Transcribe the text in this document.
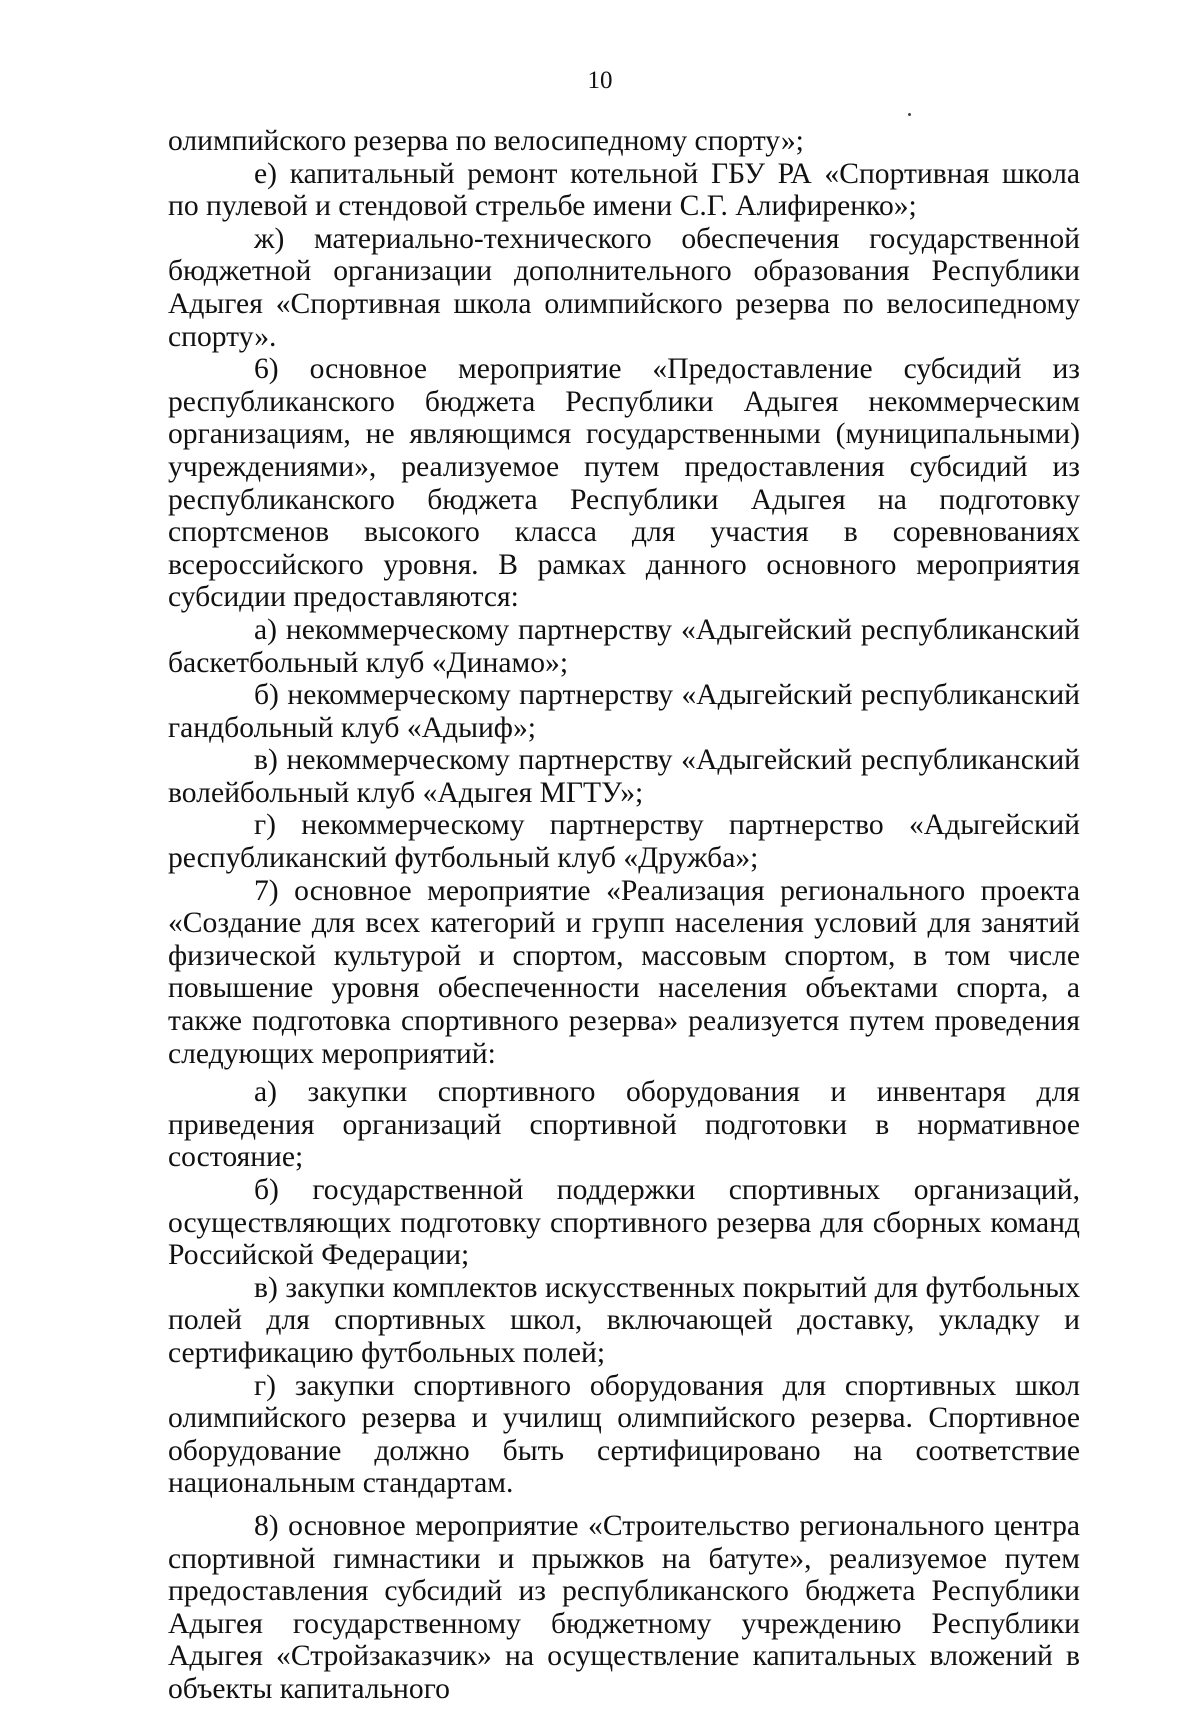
10

олимпийского резерва по велосипедному спорту»;

е) капитальный ремонт котельной ГБУ РА «Спортивная школа по пулевой и стендовой стрельбе имени С.Г. Алифиренко»;

ж) материально-технического обеспечения государственной бюджетной организации дополнительного образования Республики Адыгея «Спортивная школа олимпийского резерва по велосипедному спорту».

6) основное мероприятие «Предоставление субсидий из республиканского бюджета Республики Адыгея некоммерческим организациям, не являющимся государственными (муниципальными) учреждениями», реализуемое путем предоставления субсидий из республиканского бюджета Республики Адыгея на подготовку спортсменов высокого класса для участия в соревнованиях всероссийского уровня. В рамках данного основного мероприятия субсидии предоставляются:

а) некоммерческому партнерству «Адыгейский республиканский баскетбольный клуб «Динамо»;

б) некоммерческому партнерству «Адыгейский республиканский гандбольный клуб «Адыиф»;

в) некоммерческому партнерству «Адыгейский республиканский волейбольный клуб «Адыгея МГТУ»;

г) некоммерческому партнерству партнерство «Адыгейский республиканский футбольный клуб «Дружба»;

7) основное мероприятие «Реализация регионального проекта «Создание для всех категорий и групп населения условий для занятий физической культурой и спортом, массовым спортом, в том числе повышение уровня обеспеченности населения объектами спорта, а также подготовка спортивного резерва» реализуется путем проведения следующих мероприятий:

а) закупки спортивного оборудования и инвентаря для приведения организаций спортивной подготовки в нормативное состояние;

б) государственной поддержки спортивных организаций, осуществляющих подготовку спортивного резерва для сборных команд Российской Федерации;

в) закупки комплектов искусственных покрытий для футбольных полей для спортивных школ, включающей доставку, укладку и сертификацию футбольных полей;

г) закупки спортивного оборудования для спортивных школ олимпийского резерва и училищ олимпийского резерва. Спортивное оборудование должно быть сертифицировано на соответствие национальным стандартам.

8) основное мероприятие «Строительство регионального центра спортивной гимнастики и прыжков на батуте», реализуемое путем предоставления субсидий из республиканского бюджета Республики Адыгея государственному бюджетному учреждению Республики Адыгея «Стройзаказчик» на осуществление капитальных вложений в объекты капитального
